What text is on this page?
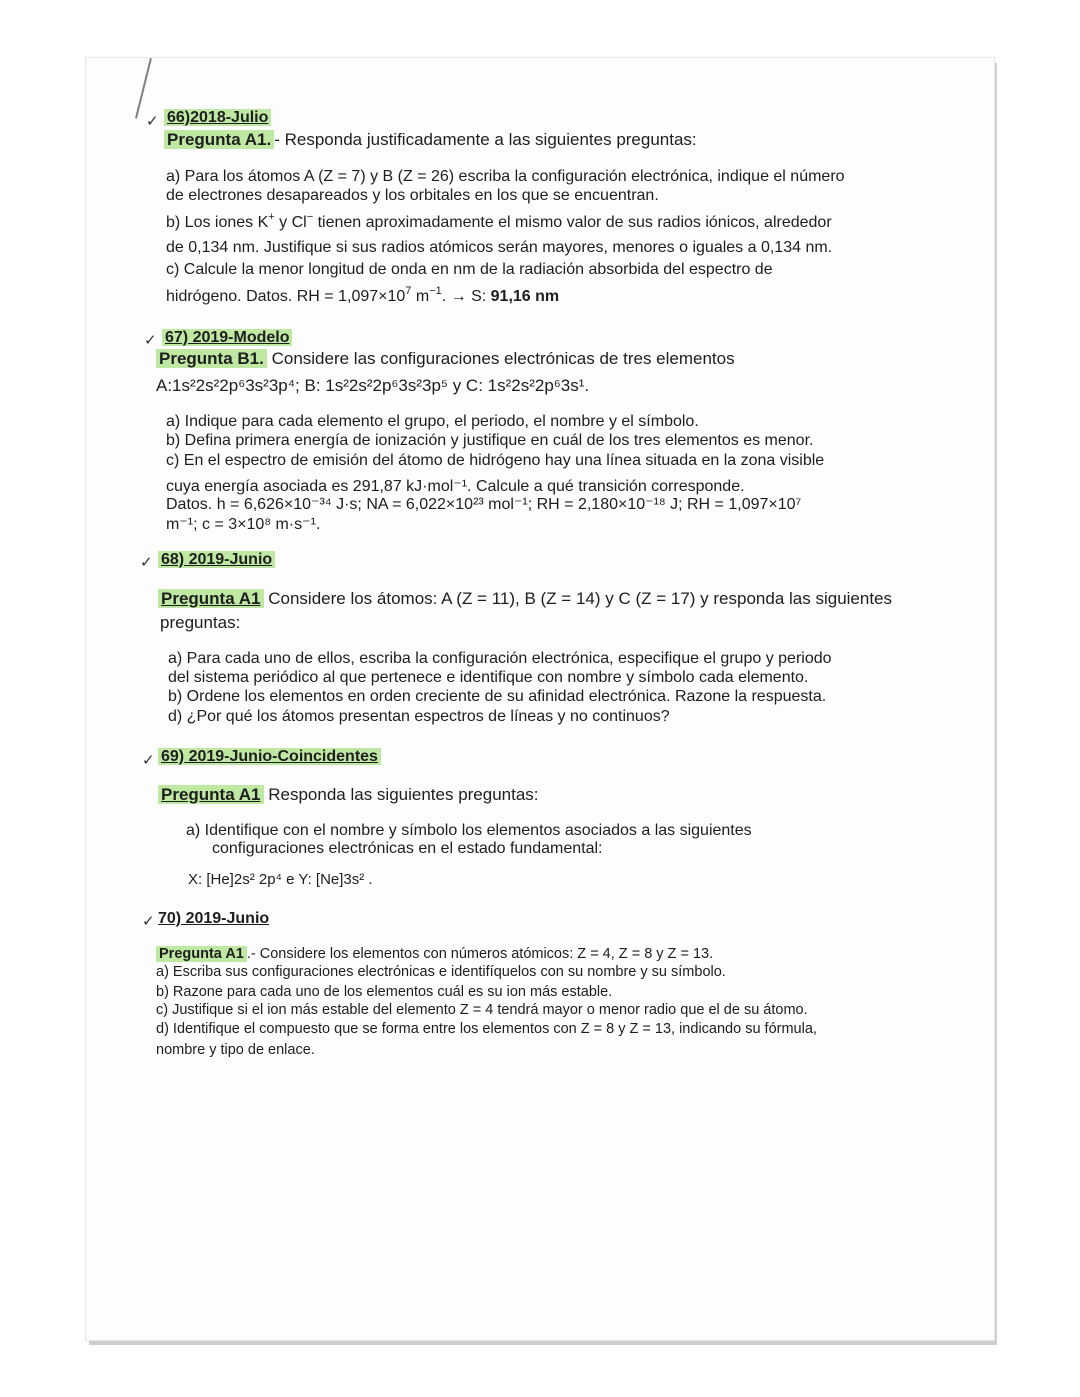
✓ 66)2018-Julio
Pregunta A1. - Responda justificadamente a las siguientes preguntas:
a) Para los átomos A (Z = 7) y B (Z = 26) escriba la configuración electrónica, indique el número
de electrones desapareados y los orbitales en los que se encuentran.
b) Los iones K+ y Cl− tienen aproximadamente el mismo valor de sus radios iónicos, alrededor
de 0,134 nm. Justifique si sus radios atómicos serán mayores, menores o iguales a 0,134 nm.
c) Calcule la menor longitud de onda en nm de la radiación absorbida del espectro de
hidrógeno. Datos. RH = $1,097\times 10^7$ $m^{-1}$. → S: 91,16 nm
✓ 67) 2019-Modelo
Pregunta B1. Considere las configuraciones electrónicas de tres elementos
A:1s²2s²2p⁶3s²3p⁴; B: 1s²2s²2p⁶3s²3p⁵ y C: 1s²2s²2p⁶3s¹.
a) Indique para cada elemento el grupo, el periodo, el nombre y el símbolo.
b) Defina primera energía de ionización y justifique en cuál de los tres elementos es menor.
c) En el espectro de emisión del átomo de hidrógeno hay una línea situada en la zona visible
cuya energía asociada es 291,87 kJ·mol⁻¹. Calcule a qué transición corresponde.
Datos. h = 6,626×10⁻³⁴ J·s; NA = 6,022×10²³ mol⁻¹; RH = 2,180×10⁻¹⁸ J; RH = 1,097×10⁷
m⁻¹; c = 3×10⁸ m·s⁻¹.
✓ 68) 2019-Junio
Pregunta A1 Considere los átomos: A (Z = 11), B (Z = 14) y C (Z = 17) y responda las siguientes
preguntas:
a) Para cada uno de ellos, escriba la configuración electrónica, especifique el grupo y periodo
del sistema periódico al que pertenece e identifique con nombre y símbolo cada elemento.
b) Ordene los elementos en orden creciente de su afinidad electrónica. Razone la respuesta.
d) ¿Por qué los átomos presentan espectros de líneas y no continuos?
✓ 69) 2019-Junio-Coincidentes
Pregunta A1 Responda las siguientes preguntas:
a) Identifique con el nombre y símbolo los elementos asociados a las siguientes
configuraciones electrónicas en el estado fundamental:
X: [He]2s² 2p⁴ e Y: [Ne]3s² .
✓ 70) 2019-Junio
Pregunta A1 .- Considere los elementos con números atómicos: Z = 4, Z = 8 y Z = 13.
a) Escriba sus configuraciones electrónicas e identifíquelos con su nombre y su símbolo.
b) Razone para cada uno de los elementos cuál es su ion más estable.
c) Justifique si el ion más estable del elemento Z = 4 tendrá mayor o menor radio que el de su átomo.
d) Identifique el compuesto que se forma entre los elementos con Z = 8 y Z = 13, indicando su fórmula,
nombre y tipo de enlace.
